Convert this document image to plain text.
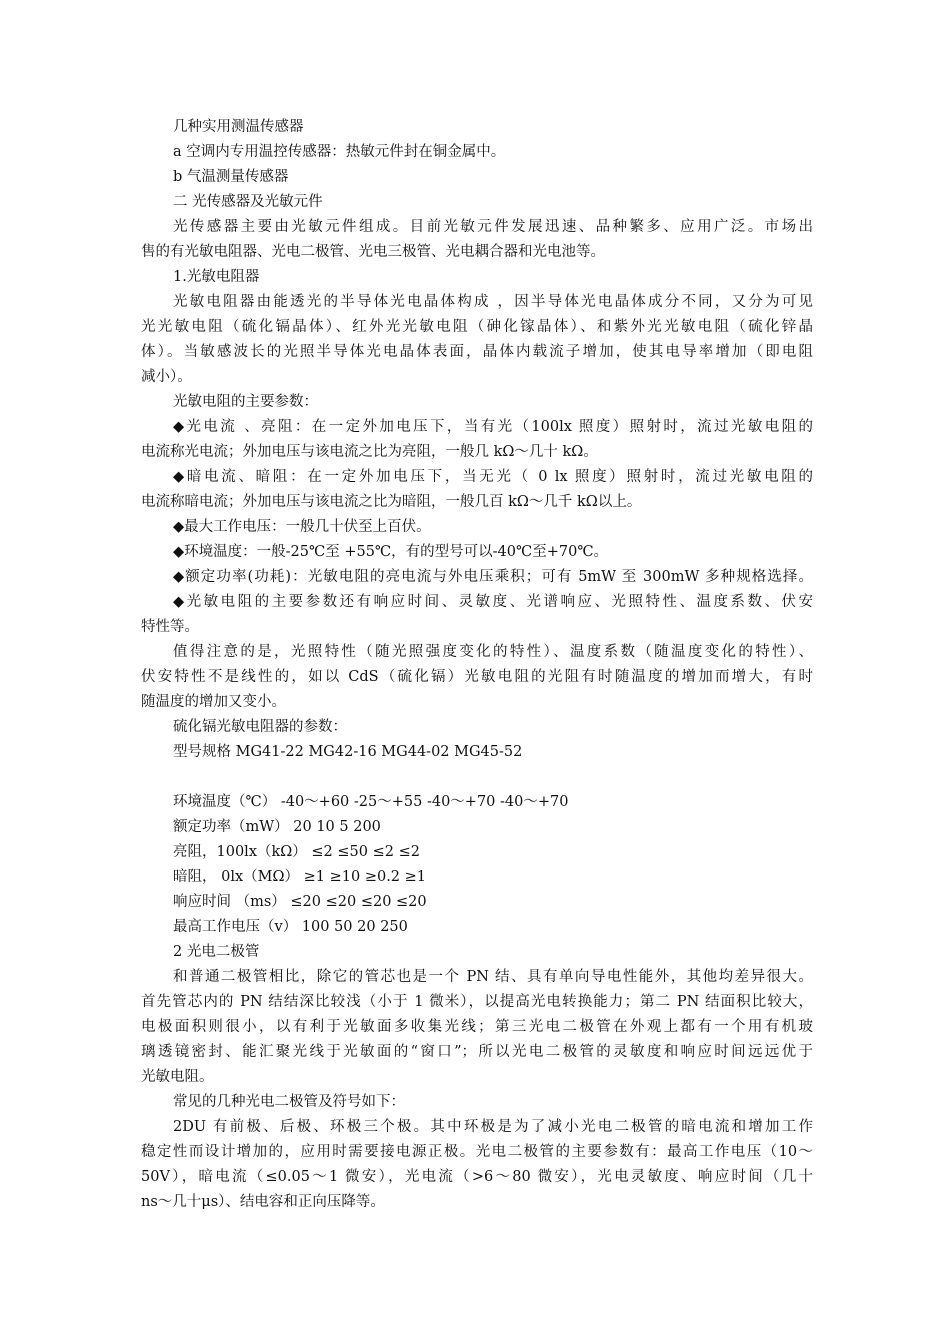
几种实用测温传感器
a 空调内专用温控传感器：热敏元件封在铜金属中。
b 气温测量传感器
二 光传感器及光敏元件
光传感器主要由光敏元件组成。目前光敏元件发展迅速、品种繁多、应用广泛。市场出
售的有光敏电阻器、光电二极管、光电三极管、光电耦合器和光电池等。
1.光敏电阻器
光敏电阻器由能透光的半导体光电晶体构成 ，因半导体光电晶体成分不同，又分为可见
光光敏电阻（硫化镉晶体）、红外光光敏电阻（砷化镓晶体）、和紫外光光敏电阻（硫化锌晶
体）。当敏感波长的光照半导体光电晶体表面，晶体内载流子增加，使其电导率增加（即电阻
减小）。
光敏电阻的主要参数：
◆光电流 、亮阻：在一定外加电压下，当有光（100lx 照度）照射时，流过光敏电阻的
电流称光电流；外加电压与该电流之比为亮阻，一般几 kΩ～几十 kΩ。
◆暗电流、暗阻：在一定外加电压下，当无光（ 0 lx 照度）照射时，流过光敏电阻的
电流称暗电流；外加电压与该电流之比为暗阻，一般几百 kΩ～几千 kΩ以上。
◆最大工作电压：一般几十伏至上百伏。
◆环境温度：一般-25℃至 +55℃，有的型号可以-40℃至+70℃。
◆额定功率(功耗)：光敏电阻的亮电流与外电压乘积；可有 5mW 至 300mW 多种规格选择。
◆光敏电阻的主要参数还有响应时间、灵敏度、光谱响应、光照特性、温度系数、伏安
特性等。
值得注意的是，光照特性（随光照强度变化的特性）、温度系数（随温度变化的特性）、
伏安特性不是线性的，如以 CdS（硫化镉）光敏电阻的光阻有时随温度的增加而增大，有时
随温度的增加又变小。
硫化镉光敏电阻器的参数：
型号规格 MG41-22 MG42-16 MG44-02 MG45-52
环境温度（℃） -40～+60 -25～+55 -40～+70 -40～+70
额定功率（mW） 20 10 5 200
亮阻，100lx（kΩ） ≤2 ≤50 ≤2 ≤2
暗阻， 0lx（MΩ） ≥1 ≥10 ≥0.2 ≥1
响应时间 （ms） ≤20 ≤20 ≤20 ≤20
最高工作电压（v） 100 50 20 250
2 光电二极管
和普通二极管相比，除它的管芯也是一个 PN 结、具有单向导电性能外，其他均差异很大。
首先管芯内的 PN 结结深比较浅（小于 1 微米），以提高光电转换能力；第二 PN 结面积比较大，
电极面积则很小，以有利于光敏面多收集光线；第三光电二极管在外观上都有一个用有机玻
璃透镜密封、能汇聚光线于光敏面的“窗口”；所以光电二极管的灵敏度和响应时间远远优于
光敏电阻。
常见的几种光电二极管及符号如下：
2DU 有前极、后极、环极三个极。其中环极是为了减小光电二极管的暗电流和增加工作
稳定性而设计增加的，应用时需要接电源正极。光电二极管的主要参数有：最高工作电压（10～
50V），暗电流（≤0.05～1 微安），光电流（>6～80 微安），光电灵敏度、响应时间（几十
ns～几十μs）、结电容和正向压降等。
